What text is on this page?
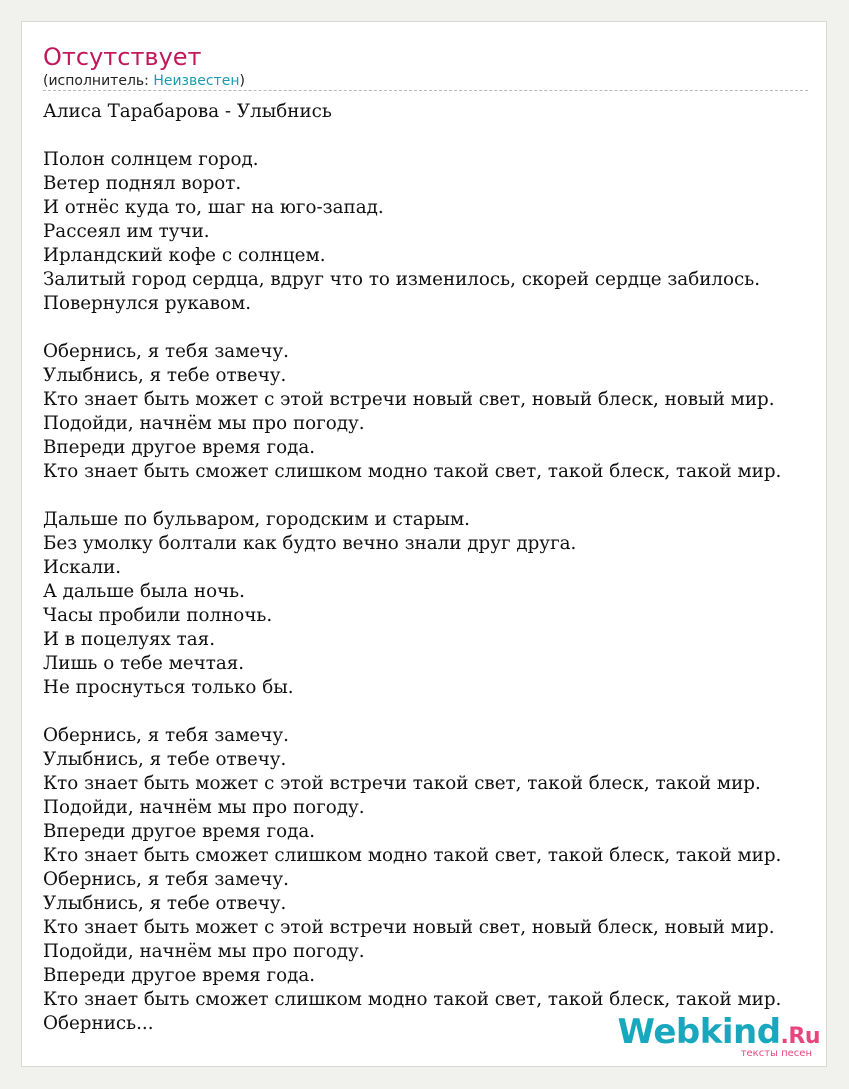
Отсутствует
(исполнитель: Неизвестен)
Алиса Тарабарова - Улыбнись

Полон солнцем город.
Ветер поднял ворот.
И отнёс куда то, шаг на юго-запад.
Рассеял им тучи.
Ирландский кофе с солнцем.
Залитый город сердца, вдруг что то изменилось, скорей сердце забилось.
Повернулся рукавом.

Обернись, я тебя замечу.
Улыбнись, я тебе отвечу.
Кто знает быть может с этой встречи новый свет, новый блеск, новый мир.
Подойди, начнём мы про погоду.
Впереди другое время года.
Кто знает быть сможет слишком модно такой свет, такой блеск, такой мир.

Дальше по бульваром, городским и старым.
Без умолку болтали как будто вечно знали друг друга.
Искали.
А дальше была ночь.
Часы пробили полночь.
И в поцелуях тая.
Лишь о тебе мечтая.
Не проснуться только бы.

Обернись, я тебя замечу.
Улыбнись, я тебе отвечу.
Кто знает быть может с этой встречи такой свет, такой блеск, такой мир.
Подойди, начнём мы про погоду.
Впереди другое время года.
Кто знает быть сможет слишком модно такой свет, такой блеск, такой мир.
Обернись, я тебя замечу.
Улыбнись, я тебе отвечу.
Кто знает быть может с этой встречи новый свет, новый блеск, новый мир.
Подойди, начнём мы про погоду.
Впереди другое время года.
Кто знает быть сможет слишком модно такой свет, такой блеск, такой мир.
Обернись...	Webkind.Ru
тексты песен
